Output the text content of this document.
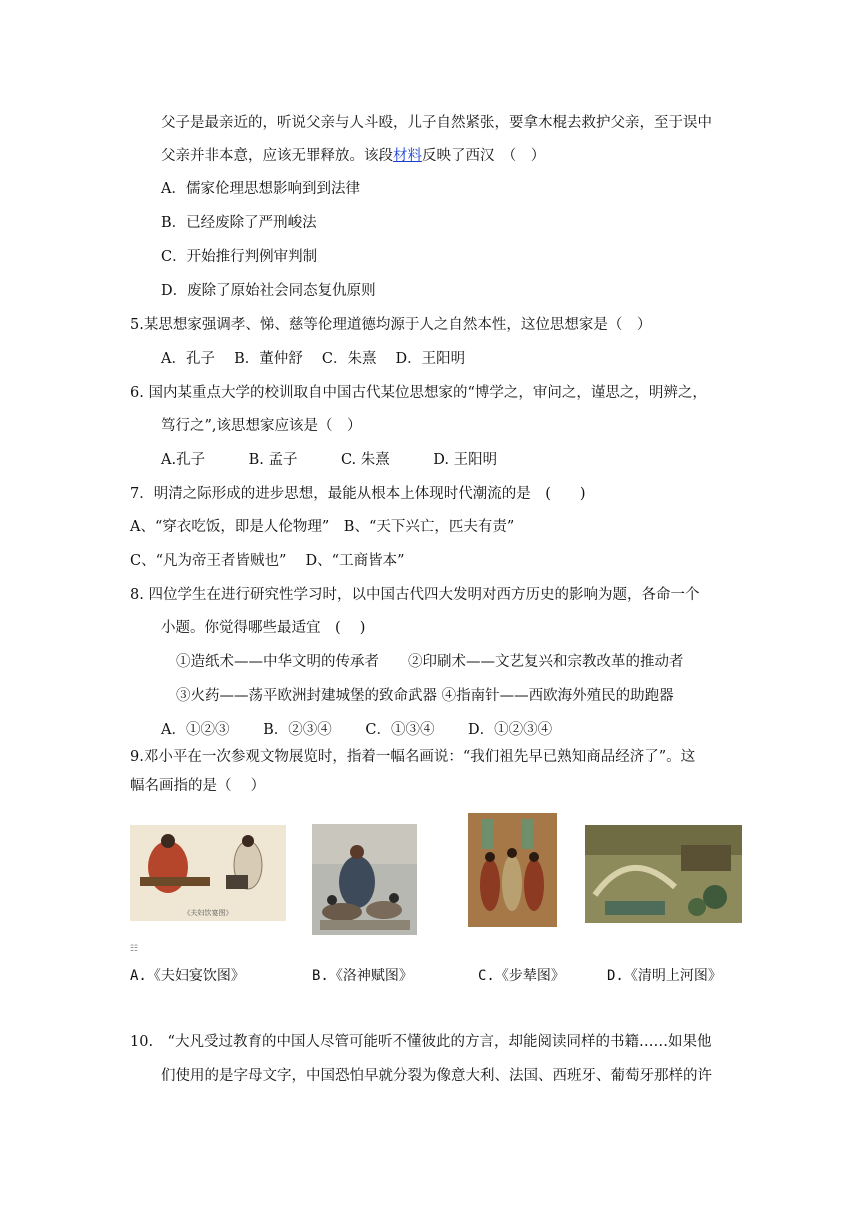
父子是最亲近的，听说父亲与人斗殴，儿子自然紧张，要拿木棍去救护父亲，至于误中
父亲并非本意，应该无罪释放。该段材料反映了西汉　（　）
A．儒家伦理思想影响到到法律
B．已经废除了严刑峻法
C．开始推行判例审判制
D．废除了原始社会同态复仇原则
5.某思想家强调孝、悌、慈等伦理道德均源于人之自然本性，这位思想家是（　）
A．孔子　 B．董仲舒　 C．朱熹　 D．王阳明
6. 国内某重点大学的校训取自中国古代某位思想家的“博学之，审问之，谨思之，明辨之，
笃行之”,该思想家应该是（　）
A.孔子　　　B. 孟子　　　C. 朱熹　　　D. 王阳明
7．明清之际形成的进步思想，最能从根本上体现时代潮流的是　(　　)
A、“穿衣吃饭，即是人伦物理”　B、“天下兴亡，匹夫有责”
C、“凡为帝王者皆贼也”　 D、“工商皆本”
8. 四位学生在进行研究性学习时，以中国古代四大发明对西方历史的影响为题，各命一个
小题。你觉得哪些最适宜　(　 )
①造纸术——中华文明的传承者　　②印刷术——文艺复兴和宗教改革的推动者
③火药——荡平欧洲封建城堡的致命武器 ④指南针——西欧海外殖民的助跑器
A．①②③　　 B．②③④　　 C．①③④　　 D．①②③④
9.邓小平在一次参观文物展览时，指着一幅名画说：“我们祖先早已熟知商品经济了”。这
幅名画指的是（　 ）
《夫妇饮宴图》
☷
A.《夫妇宴饮图》	B.《洛神赋图》	C.《步辇图》	D.《清明上河图》
10.　“大凡受过教育的中国人尽管可能听不懂彼此的方言，却能阅读同样的书籍……如果他
们使用的是字母文字，中国恐怕早就分裂为像意大利、法国、西班牙、葡萄牙那样的许
